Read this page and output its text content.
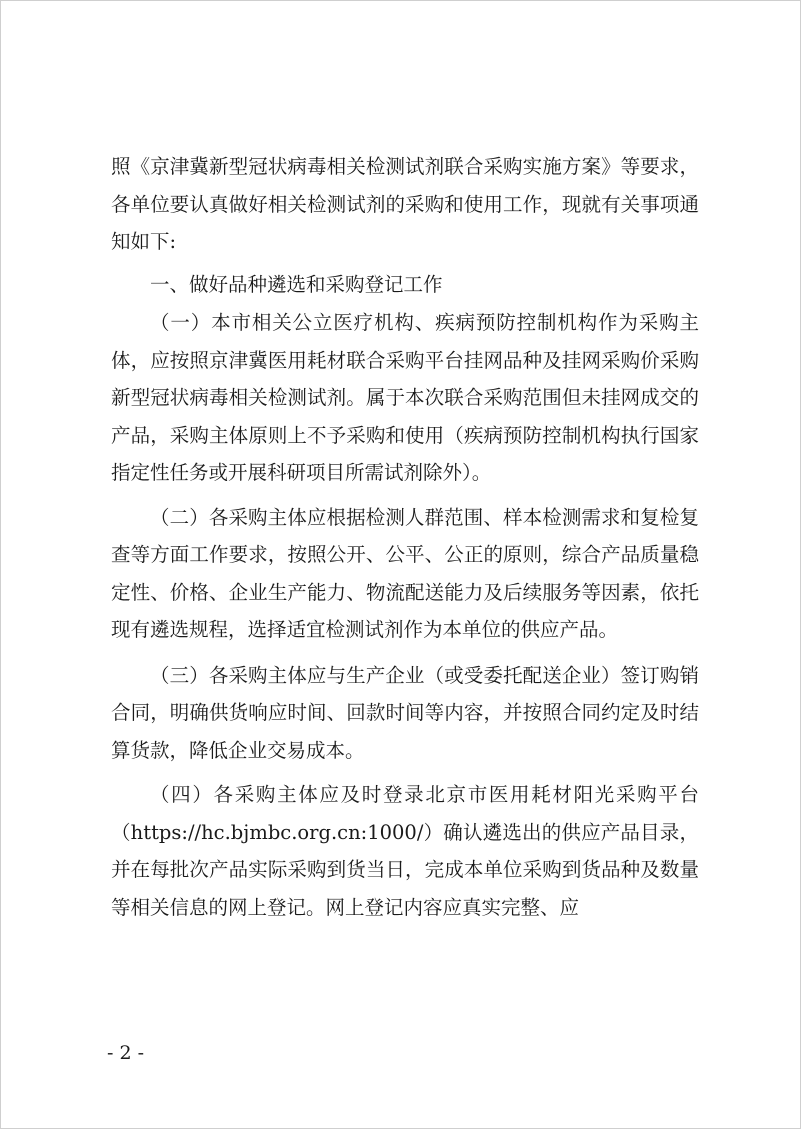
照《京津冀新型冠状病毒相关检测试剂联合采购实施方案》等要求，各单位要认真做好相关检测试剂的采购和使用工作，现就有关事项通知如下:

一、做好品种遴选和采购登记工作

（一）本市相关公立医疗机构、疾病预防控制机构作为采购主体，应按照京津冀医用耗材联合采购平台挂网品种及挂网采购价采购新型冠状病毒相关检测试剂。属于本次联合采购范围但未挂网成交的产品，采购主体原则上不予采购和使用（疾病预防控制机构执行国家指定性任务或开展科研项目所需试剂除外）。

（二）各采购主体应根据检测人群范围、样本检测需求和复检复查等方面工作要求，按照公开、公平、公正的原则，综合产品质量稳定性、价格、企业生产能力、物流配送能力及后续服务等因素，依托现有遴选规程，选择适宜检测试剂作为本单位的供应产品。

（三）各采购主体应与生产企业（或受委托配送企业）签订购销合同，明确供货响应时间、回款时间等内容，并按照合同约定及时结算货款，降低企业交易成本。

（四）各采购主体应及时登录北京市医用耗材阳光采购平台（https://hc.bjmbc.org.cn:1000/）确认遴选出的供应产品目录，并在每批次产品实际采购到货当日，完成本单位采购到货品种及数量等相关信息的网上登记。网上登记内容应真实完整、应

- 2 -
